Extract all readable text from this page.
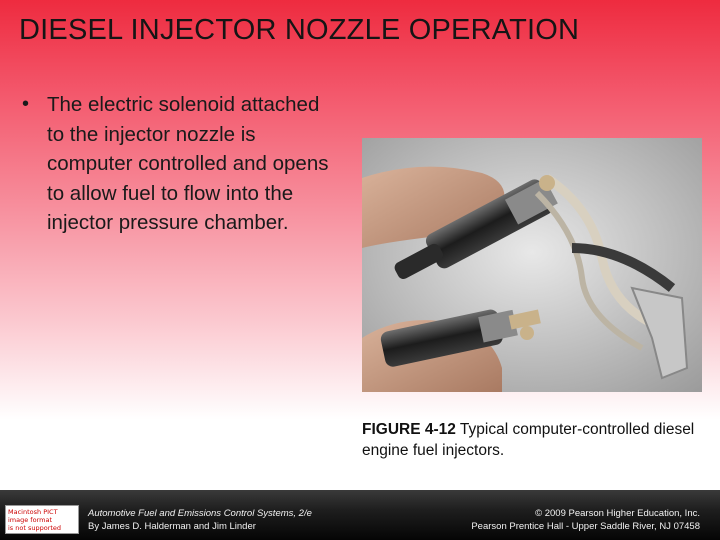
DIESEL INJECTOR NOZZLE OPERATION
• The electric solenoid attached to the injector nozzle is computer controlled and opens to allow fuel to flow into the injector pressure chamber.
FIGURE 4-12 Typical computer-controlled diesel engine fuel injectors.
Macintosh PICT
image format
is not supported
Automotive Fuel and Emissions Control Systems, 2/e
By James D. Halderman and Jim Linder
© 2009 Pearson Higher Education, Inc.
Pearson Prentice Hall - Upper Saddle River, NJ 07458
